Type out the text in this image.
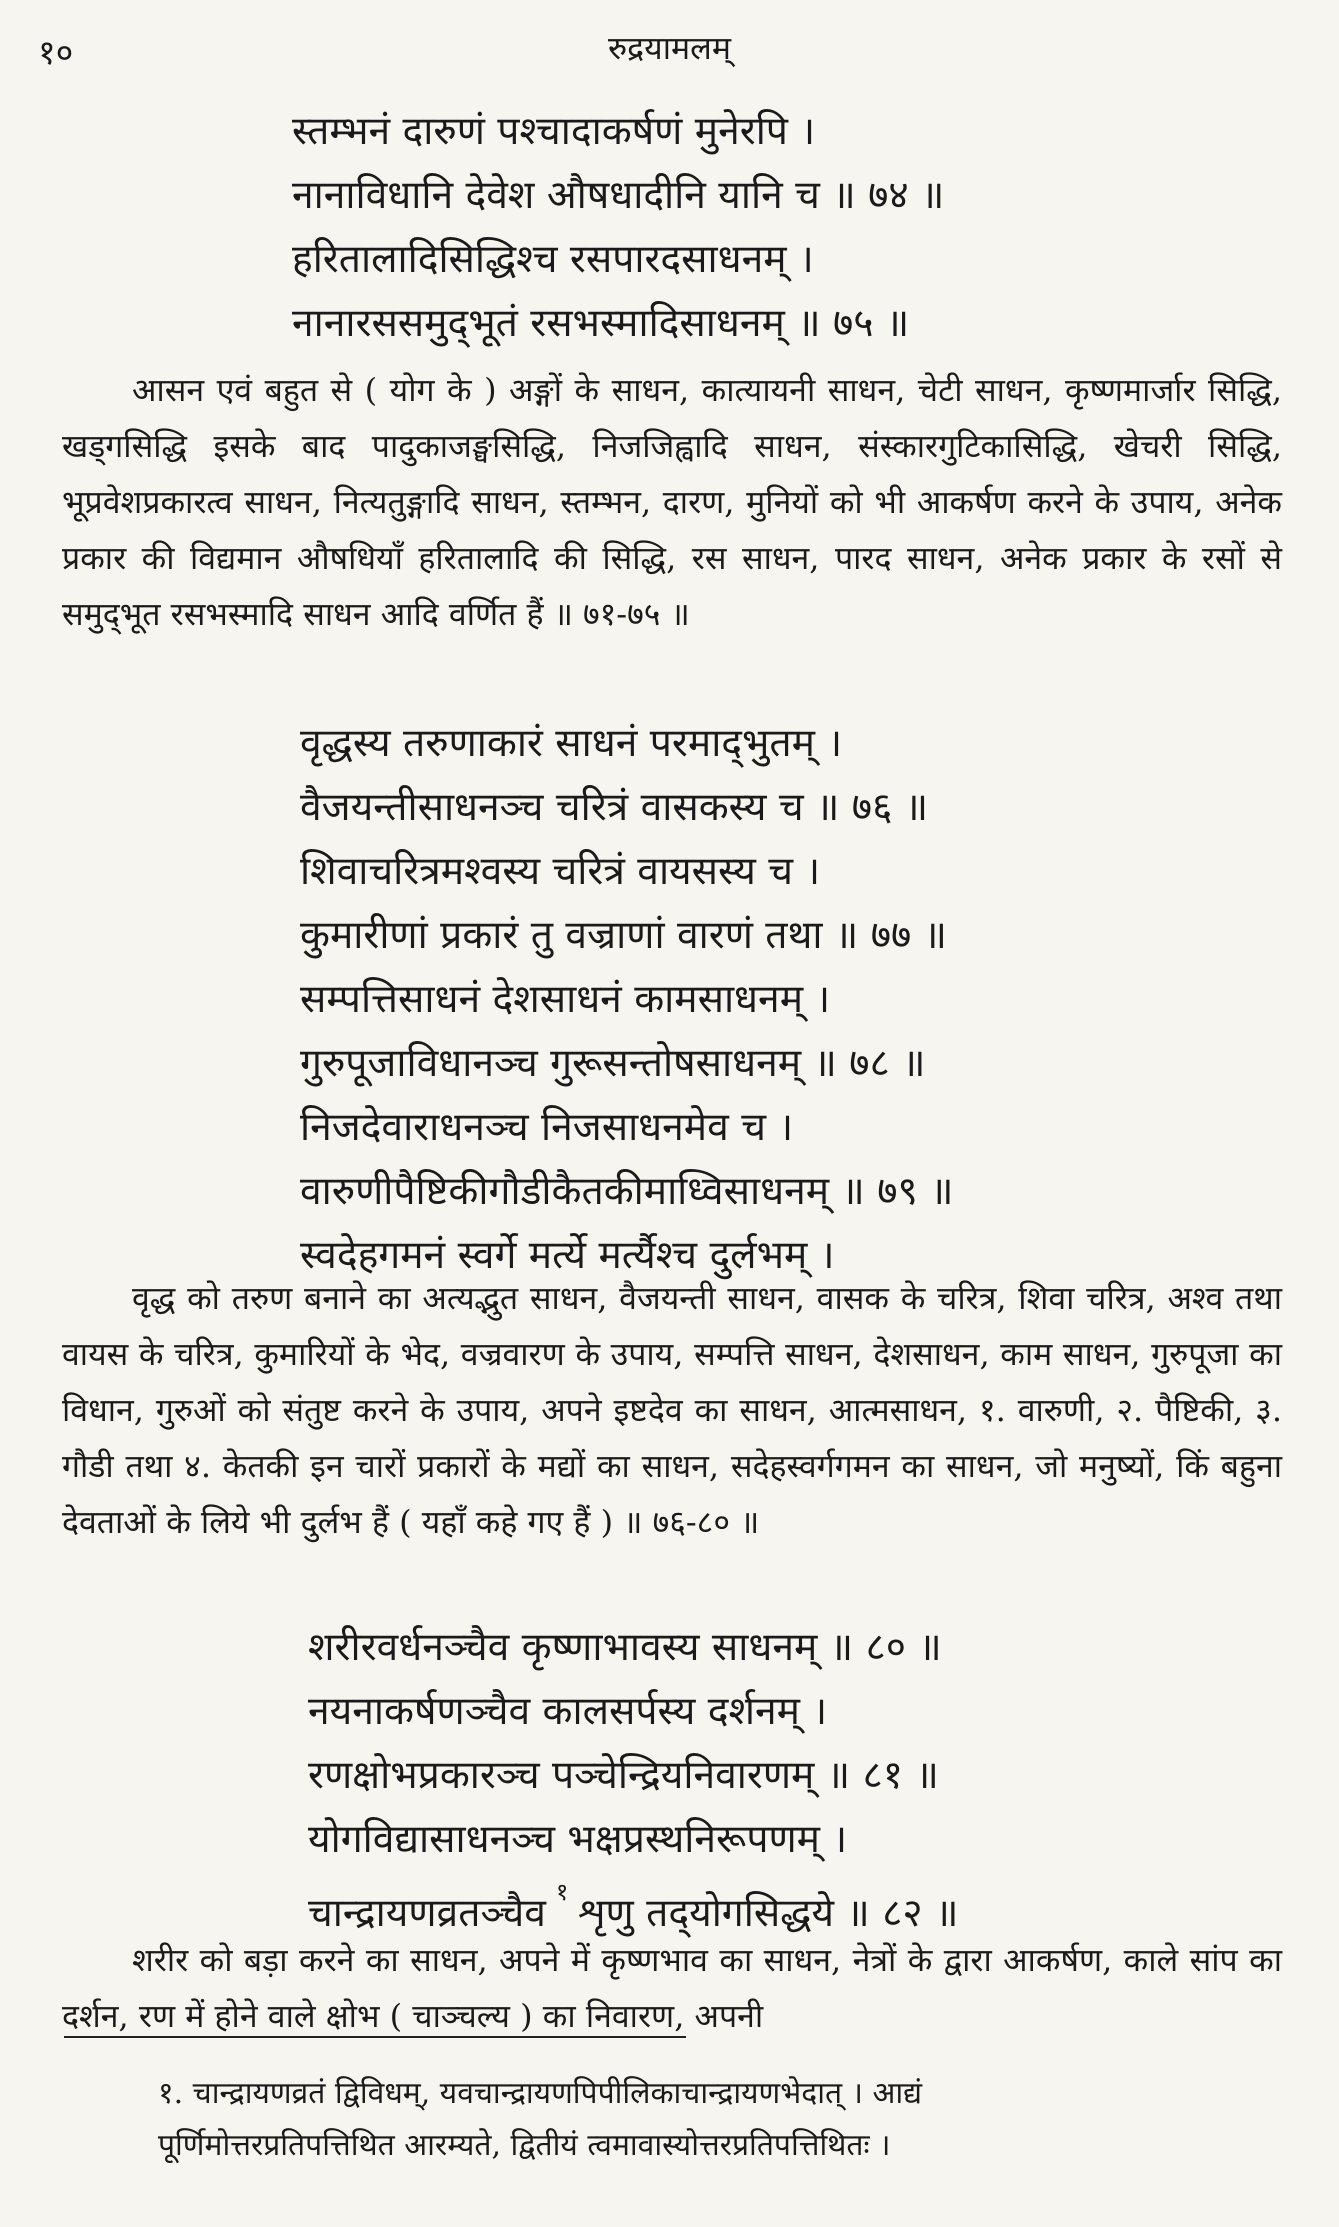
१०	रुद्रयामलम्
स्तम्भनं दारुणं पश्चादाकर्षणं मुनेरपि ।
नानाविधानि देवेश औषधादीनि यानि च ॥ ७४ ॥
हरितालादिसिद्धिश्च रसपारदसाधनम् ।
नानारससमुद्‌भूतं रसभस्मादिसाधनम् ॥ ७५ ॥
आसन एवं बहुत से ( योग के ) अङ्गों के साधन, कात्यायनी साधन, चेटी साधन, कृष्णमार्जार सिद्धि, खड्गसिद्धि इसके बाद पादुकाजङ्घसिद्धि, निजजिह्वादि साधन, संस्कारगुटिकासिद्धि, खेचरी सिद्धि, भूप्रवेशप्रकारत्व साधन, नित्यतुङ्गादि साधन, स्तम्भन, दारण, मुनियों को भी आकर्षण करने के उपाय, अनेक प्रकार की विद्यमान औषधियाँ हरितालादि की सिद्धि, रस साधन, पारद साधन, अनेक प्रकार के रसों से समुद्‌भूत रसभस्मादि साधन आदि वर्णित हैं ॥ ७१-७५ ॥
वृद्धस्य तरुणाकारं साधनं परमाद्‌भुतम् ।
वैजयन्तीसाधनञ्च चरित्रं वासकस्य च ॥ ७६ ॥
शिवाचरित्रमश्वस्य चरित्रं वायसस्य च ।
कुमारीणां प्रकारं तु वज्राणां वारणं तथा ॥ ७७ ॥
सम्पत्तिसाधनं देशसाधनं कामसाधनम् ।
गुरुपूजाविधानञ्च गुरूसन्तोषसाधनम् ॥ ७८ ॥
निजदेवाराधनञ्च निजसाधनमेव च ।
वारुणीपैष्टिकीगौडीकैतकीमाध्विसाधनम् ॥ ७९ ॥
स्वदेहगमनं स्वर्गे मर्त्ये मर्त्यैश्च दुर्लभम् ।
वृद्ध को तरुण बनाने का अत्यद्भुत साधन, वैजयन्ती साधन, वासक के चरित्र, शिवा चरित्र, अश्व तथा वायस के चरित्र, कुमारियों के भेद, वज्रवारण के उपाय, सम्पत्ति साधन, देशसाधन, काम साधन, गुरुपूजा का विधान, गुरुओं को संतुष्ट करने के उपाय, अपने इष्टदेव का साधन, आत्मसाधन, १. वारुणी, २. पैष्टिकी, ३. गौडी तथा ४. केतकी इन चारों प्रकारों के मद्यों का साधन, सदेहस्वर्गगमन का साधन, जो मनुष्यों, किं बहुना देवताओं के लिये भी दुर्लभ हैं ( यहाँ कहे गए हैं ) ॥ ७६-८० ॥
शरीरवर्धनञ्चैव कृष्णाभावस्य साधनम् ॥ ८० ॥
नयनाकर्षणञ्चैव कालसर्पस्य दर्शनम् ।
रणक्षोभप्रकारञ्च पञ्चेन्द्रियनिवारणम् ॥ ८१ ॥
योगविद्यासाधनञ्च भक्षप्रस्थनिरूपणम् ।
चान्द्रायणव्रतञ्चैव $^१$ शृणु तद्‌योगसिद्धये ॥ ८२ ॥
शरीर को बड़ा करने का साधन, अपने में कृष्णभाव का साधन, नेत्रों के द्वारा आकर्षण, काले सांप का दर्शन, रण में होने वाले क्षोभ ( चाञ्चल्य ) का निवारण, अपनी
१. चान्द्रायणव्रतं द्विविधम्, यवचान्द्रायणपिपीलिकाचान्द्रायणभेदात् । आद्यं
पूर्णिमोत्तरप्रतिपत्तिथित आरम्यते, द्वितीयं त्वमावास्योत्तरप्रतिपत्तिथितः ।
